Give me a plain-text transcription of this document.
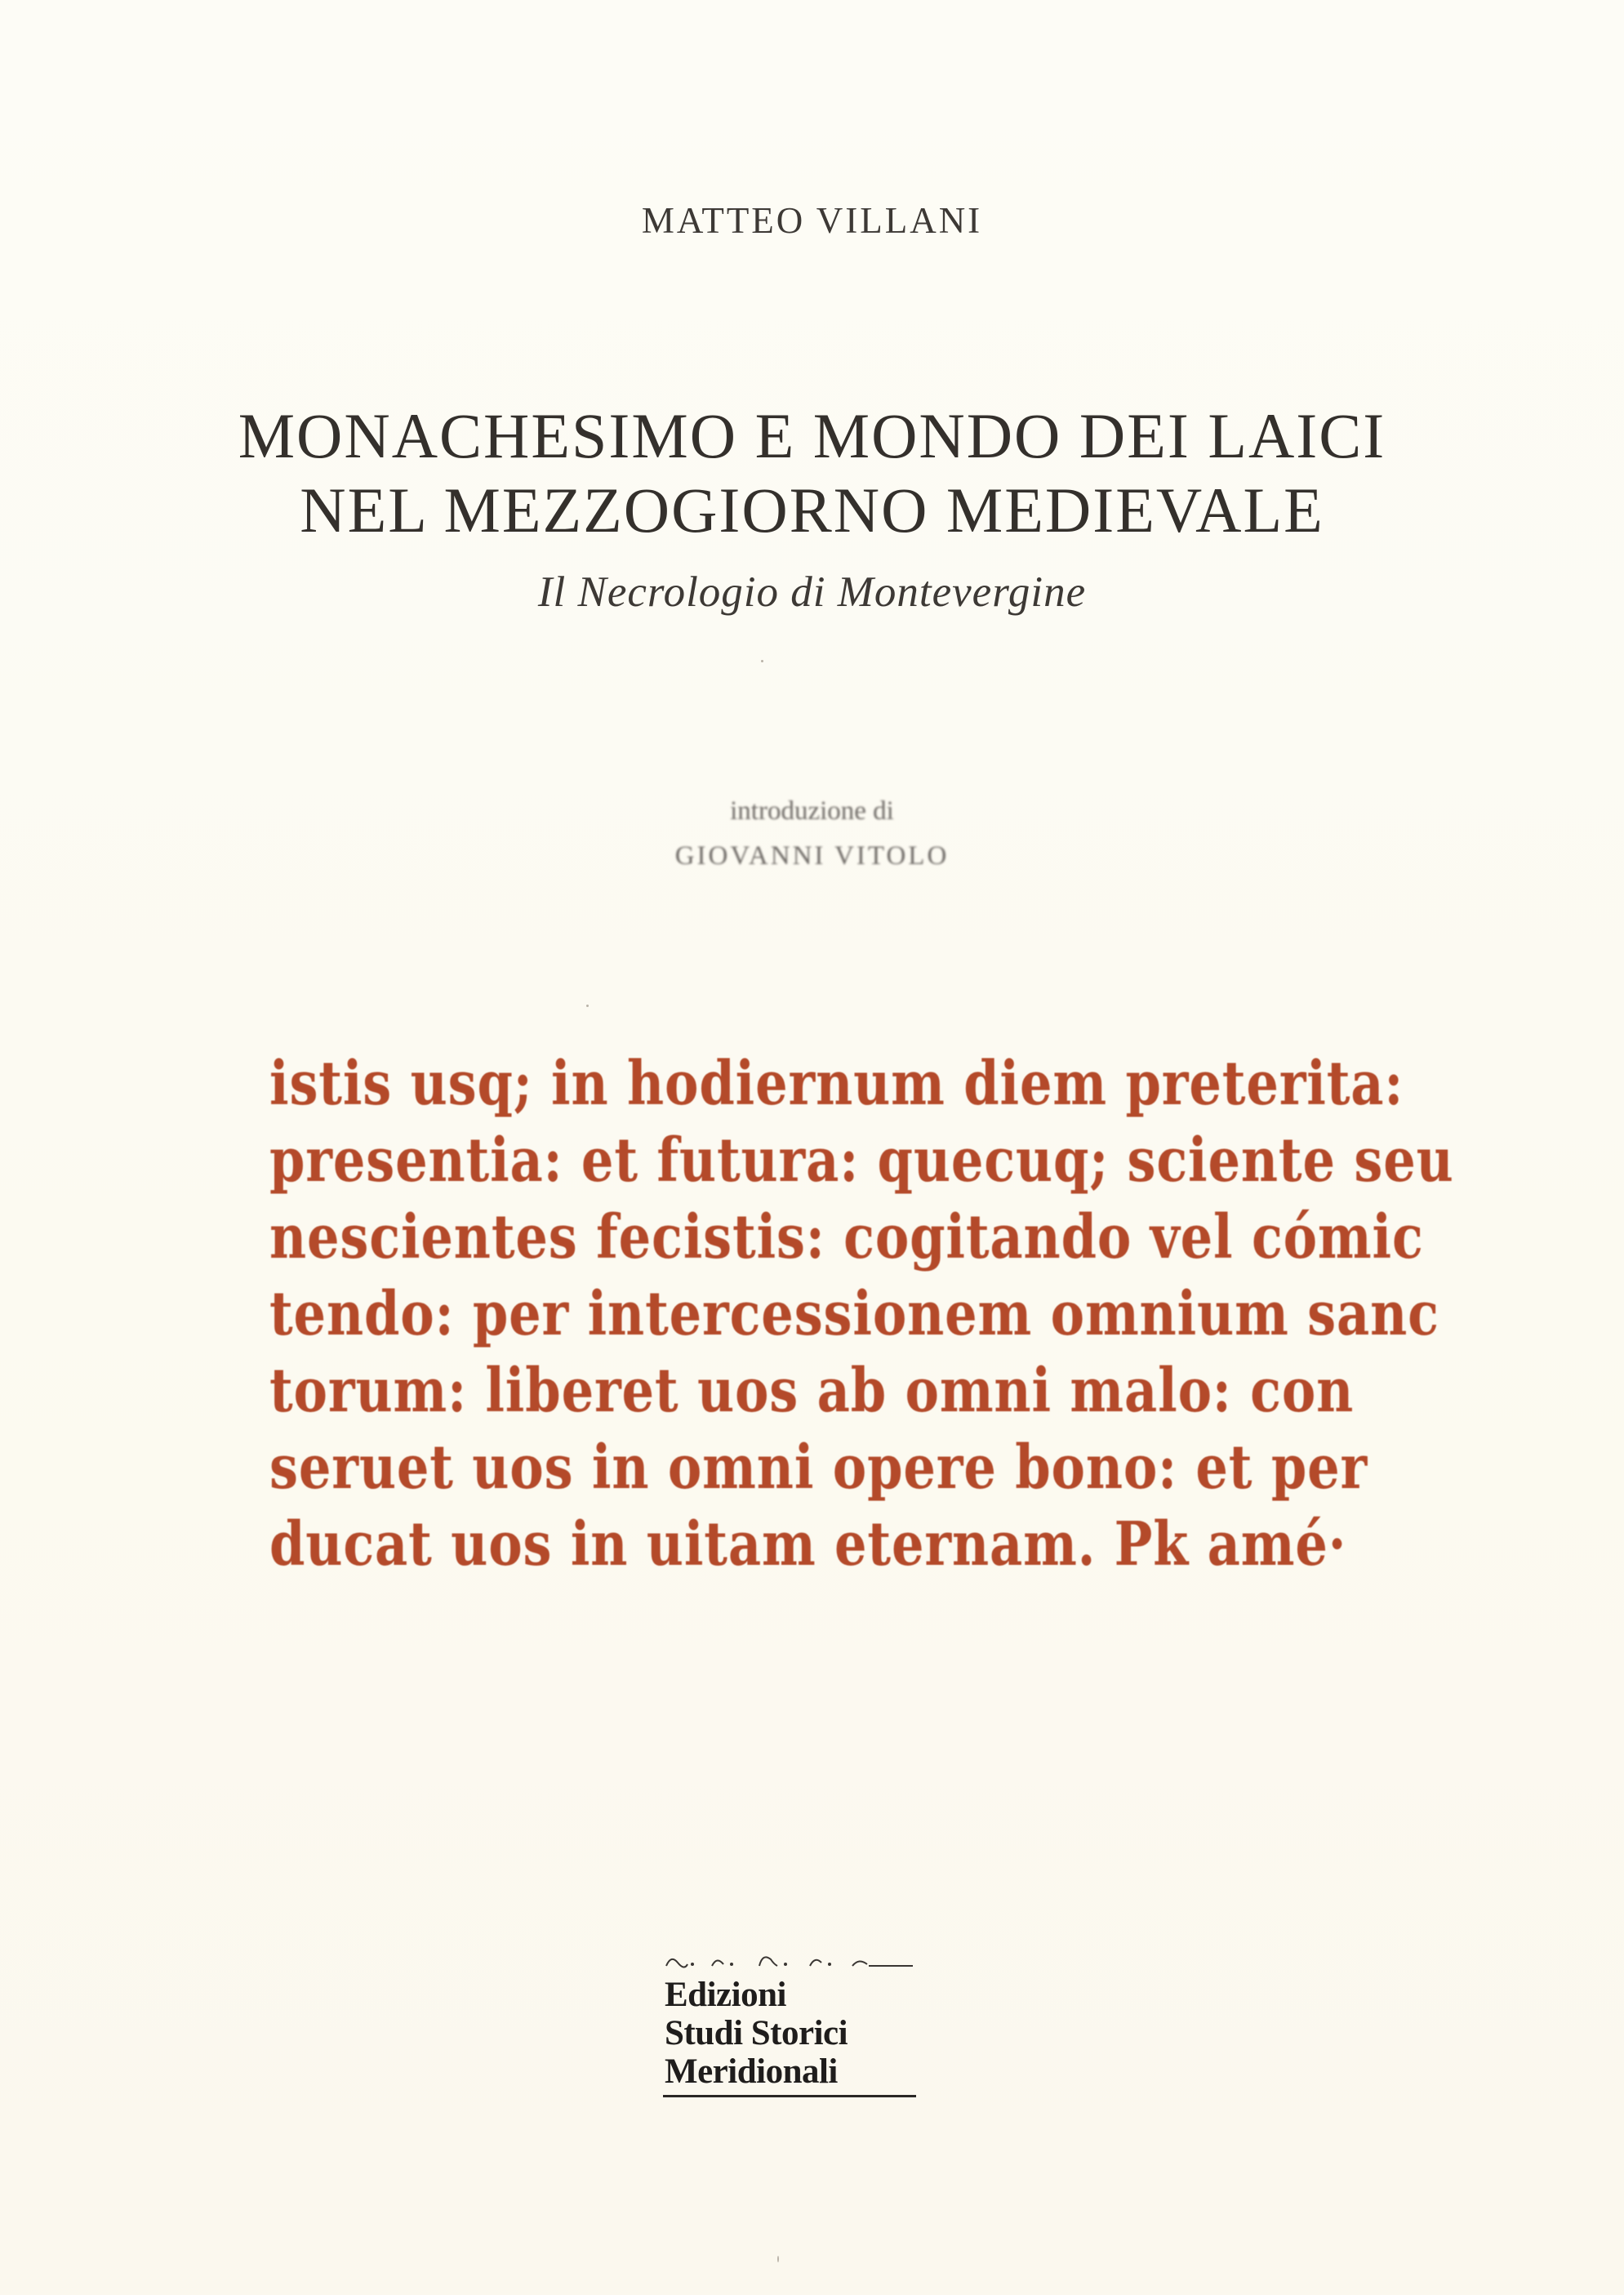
MATTEO VILLANI
MONACHESIMO E MONDO DEI LAICI
NEL MEZZOGIORNO MEDIEVALE
Il Necrologio di Montevergine
introduzione di
GIOVANNI VITOLO
istis usq; in hodiernum diem preterita:
presentia: et futura: quecuq; sciente seu
nescientes fecistis: cogitando vel cómic
tendo: per intercessionem omnium sanc
torum: liberet uos ab omni malo: con
seruet uos in omni opere bono: et per
ducat uos in uitam eternam. Pk amé·
Edizioni
Studi Storici
Meridionali
